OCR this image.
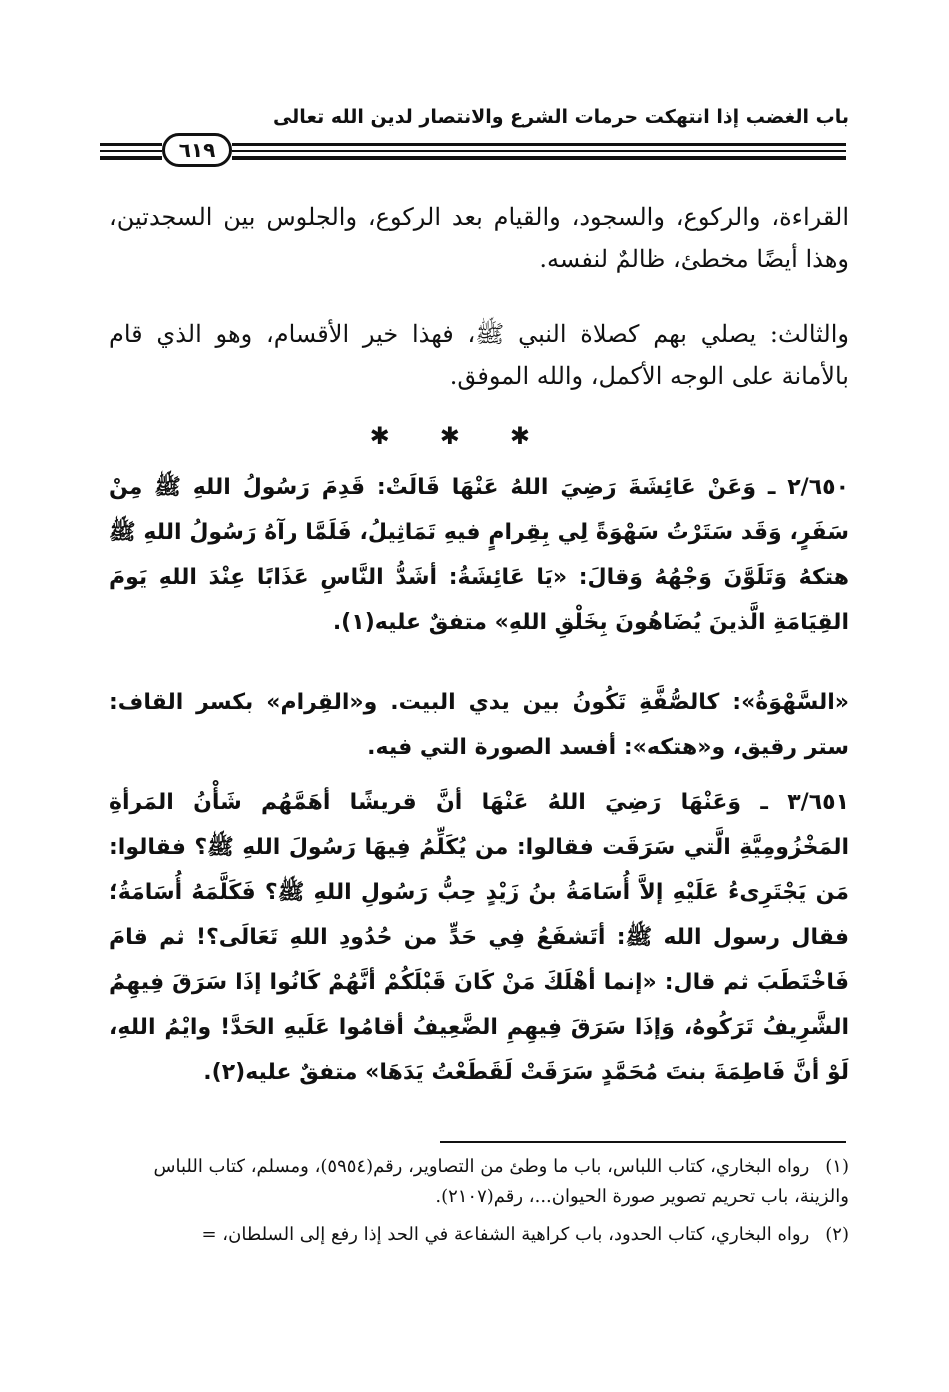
باب الغضب إذا انتهكت حرمات الشرع والانتصار لدين الله تعالى
٦١٩

القراءة، والركوع، والسجود، والقيام بعد الركوع، والجلوس بين السجدتين، وهذا أيضًا مخطئ، ظالمٌ لنفسه.

والثالث: يصلي بهم كصلاة النبي ﷺ، فهذا خير الأقسام، وهو الذي قام بالأمانة على الوجه الأكمل، والله الموفق.

✱✱✱

٢/٦٥٠ ـ وَعَنْ عَائِشَةَ رَضِيَ اللهُ عَنْهَا قَالَتْ: قَدِمَ رَسُولُ اللهِ ﷺ مِنْ سَفَرٍ، وَقَد سَتَرْتُ سَهْوَةً لِي بِقِرامٍ فيهِ تَمَاثِيلُ، فَلَمَّا رآهُ رَسُولُ اللهِ ﷺ هتكهُ وَتَلَوَّنَ وَجْهُهُ وَقالَ: «يَا عَائِشَةُ: أشَدُّ النَّاسِ عَذَابًا عِنْدَ اللهِ يَومَ القِيَامَةِ الَّذينَ يُضَاهُونَ بِخَلْقِ اللهِ» متفقٌ عليه(١).

«السَّهْوَةُ»: كالصُّفَّةِ تَكُونُ بين يدي البيت. و«القِرام» بكسر القاف: ستر رقيق، و«هتكه»: أفسد الصورة التي فيه.

٣/٦٥١ ـ وَعَنْهَا رَضِيَ اللهُ عَنْهَا أنَّ قريشًا أهَمَّهُم شَأْنُ المَرأةِ المَخْزُومِيَّةِ الَّتي سَرَقَت فقالوا: من يُكَلِّمُ فِيهَا رَسُولَ اللهِ ﷺ؟ فقالوا: مَن يَجْتَرِىءُ عَلَيْهِ إلاَّ أُسَامَةُ بنُ زَيْدٍ حِبُّ رَسُولِ اللهِ ﷺ؟ فَكَلَّمَهُ أُسَامَةُ؛ فقال رسول الله ﷺ: أتَشفَعُ فِي حَدٍّ من حُدُودِ اللهِ تَعَالَى؟! ثم قامَ فَاخْتَطَبَ ثم قال: «إنما أهْلَكَ مَنْ كَانَ قَبْلَكُمْ أنَّهُمْ كَانُوا إذَا سَرَقَ فِيهِمُ الشَّرِيفُ تَرَكُوهُ، وَإذَا سَرَقَ فِيهِمِ الضَّعِيفُ أقامُوا عَلَيهِ الحَدَّ! وايْمُ اللهِ، لَوْ أنَّ فَاطِمَةَ بنتَ مُحَمَّدٍ سَرَقَتْ لَقَطَعْتُ يَدَهَا» متفقٌ عليه(٢).

(١) رواه البخاري، كتاب اللباس، باب ما وطئ من التصاوير، رقم(٥٩٥٤)، ومسلم، كتاب اللباس والزينة، باب تحريم تصوير صورة الحيوان...، رقم(٢١٠٧).
(٢) رواه البخاري، كتاب الحدود، باب كراهية الشفاعة في الحد إذا رفع إلى السلطان، =
